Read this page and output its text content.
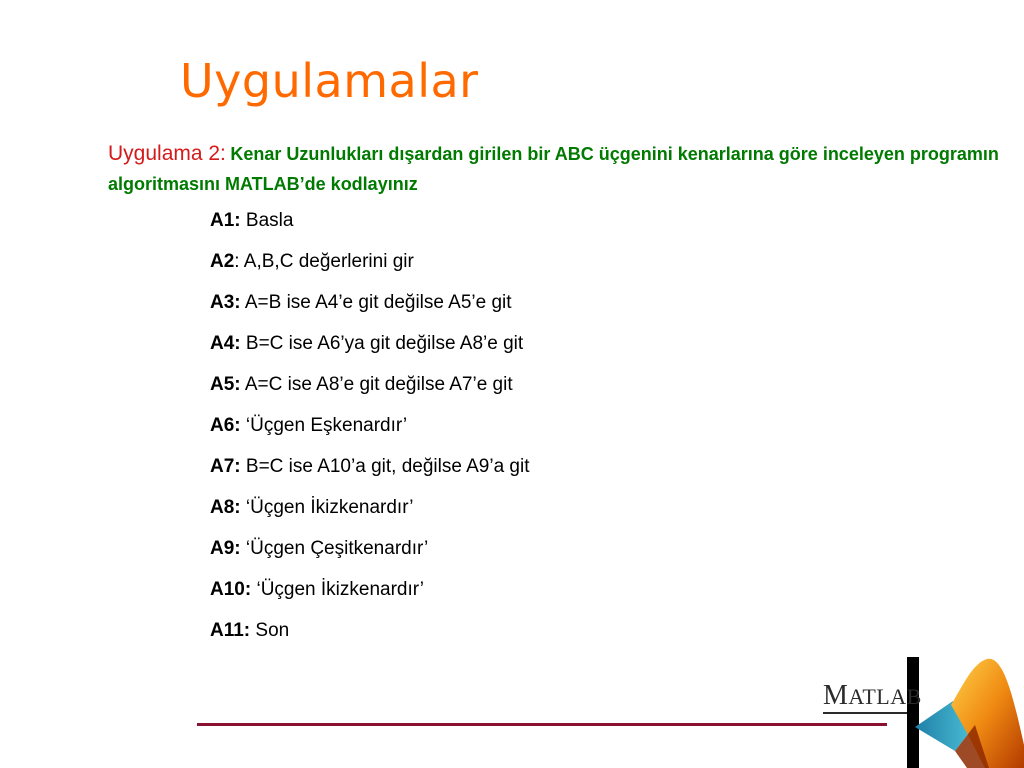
Uygulamalar
Uygulama 2: Kenar Uzunlukları dışardan girilen bir ABC üçgenini kenarlarına göre inceleyen programın algoritmasını MATLAB’de kodlayınız
A1: Basla
A2: A,B,C değerlerini gir
A3: A=B ise A4’e git değilse A5’e git
A4: B=C ise A6’ya git değilse A8’e git
A5: A=C ise A8’e git değilse A7’e git
A6: ‘Üçgen Eşkenardır’
A7: B=C ise A10’a git, değilse A9’a git
A8: ‘Üçgen İkizkenardır’
A9: ‘Üçgen Çeşitkenardır’
A10: ‘Üçgen İkizkenardır’
A11: Son
MATLAB
